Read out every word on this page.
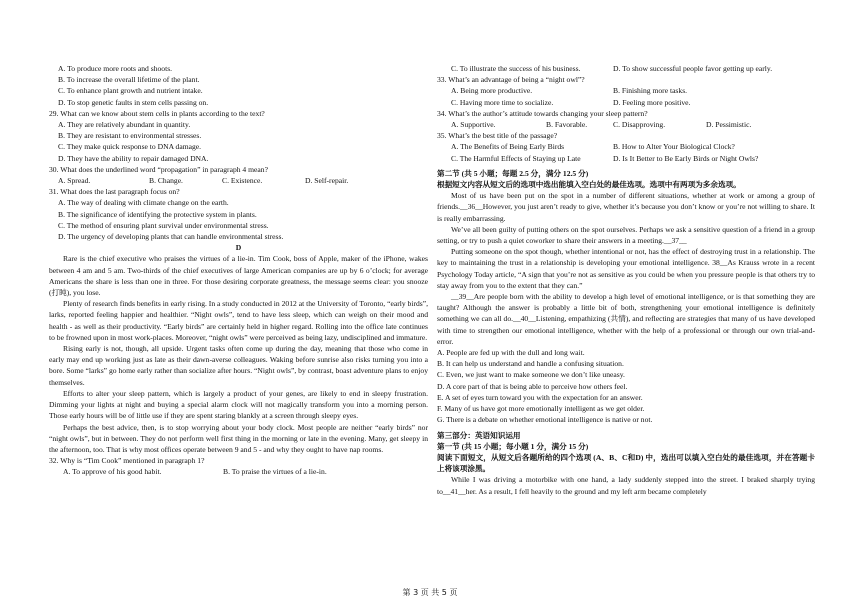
A. To produce more roots and shoots.
B. To increase the overall lifetime of the plant.
C. To enhance plant growth and nutrient intake.
D. To stop genetic faults in stem cells passing on.
29. What can we know about stem cells in plants according to the text?
A. They are relatively abundant in quantity.
B. They are resistant to environmental stresses.
C. They make quick response to DNA damage.
D. They have the ability to repair damaged DNA.
30. What does the underlined word “propagation” in paragraph 4 mean?
A. Spread.	B. Change.	C. Existence.	D. Self-repair.
31. What does the last paragraph focus on?
A. The way of dealing with climate change on the earth.
B. The significance of identifying the protective system in plants.
C. The method of ensuring plant survival under environmental stress.
D. The urgency of developing plants that can handle environmental stress.
D

Rare is the chief executive who praises the virtues of a lie-in. Tim Cook, boss of Apple, maker of the iPhone, wakes between 4 am and 5 am. Two-thirds of the chief executives of large American companies are up by 6 o’clock; for average Americans the share is less than one in three. For those desiring corporate greatness, the message seems clear: you snooze (打盹), you lose.

Plenty of research finds benefits in early rising. In a study conducted in 2012 at the University of Toronto, “early birds”, larks, reported feeling happier and healthier. “Night owls”, tend to have less sleep, which can weigh on their mood and health - as well as their productivity. “Early birds” are certainly held in higher regard. Rolling into the office late continues to be frowned upon in most work-places. Moreover, “night owls” were perceived as being lazy, undisciplined and immature.

Rising early is not, though, all upside. Urgent tasks often come up during the day, meaning that those who come in early may end up working just as late as their dawn-averse colleagues. Waking before sunrise also risks turning you into a bore. Some “larks” go home early rather than socialize after hours. “Night owls”, by contrast, boast adventure plans to enjoy themselves.

Efforts to alter your sleep pattern, which is largely a product of your genes, are likely to end in sleepy frustration. Dimming your lights at night and buying a special alarm clock will not magically transform you into a morning person. Those early hours will be of little use if they are spent staring blankly at a screen through sleepy eyes.

Perhaps the best advice, then, is to stop worrying about your body clock. Most people are neither “early birds” nor “night owls”, but in between. They do not perform well first thing in the morning or late in the evening. Many, get sleepy in the afternoon, too. That is why most offices operate between 9 and 5 - and why they ought to have nap rooms.

32. Why is “Tim Cook” mentioned in paragraph 1?
A. To approve of his good habit.	B. To praise the virtues of a lie-in.
C. To illustrate the success of his business.	D. To show successful people favor getting up early.
33. What’s an advantage of being a “night owl”?
A. Being more productive.	B. Finishing more tasks.
C. Having more time to socialize.	D. Feeling more positive.
34. What’s the author’s attitude towards changing your sleep pattern?
A. Supportive.	B. Favorable.	C. Disapproving.	D. Pessimistic.
35. What’s the best title of the passage?
A. The Benefits of Being Early Birds	B. How to Alter Your Biological Clock?
C. The Harmful Effects of Staying up Late	D. Is It Better to Be Early Birds or Night Owls?
第二节 (共 5 小题；每题 2.5 分，满分 12.5 分)
根据短文内容从短文后的选项中选出能填入空白处的最佳选项。选项中有两项为多余选项。

Most of us have been put on the spot in a number of different situations, whether at work or among a group of friends.__36__However, you just aren’t ready to give, whether it’s because you don’t know or you’re not willing to share. It is really embarrassing.

We’ve all been guilty of putting others on the spot ourselves. Perhaps we ask a sensitive question of a friend in a group setting, or try to push a quiet coworker to share their answers in a meeting.__37__

Putting someone on the spot though, whether intentional or not, has the effect of destroying trust in a relationship. The key to maintaining the trust in a relationship is developing your emotional intelligence. 38__As Krauss wrote in a recent Psychology Today article, “A sign that you’re not as sensitive as you could be when you pressure people is that others try to stay away from you to the extent that they can.”

__39__Are people born with the ability to develop a high level of emotional intelligence, or is that something they are taught? Although the answer is probably a little bit of both, strengthening your emotional intelligence is definitely something we can all do.__40__Listening, empathizing (共情), and reflecting are strategies that many of us have developed with time to strengthen our emotional intelligence, whether with the help of a professional or through our own trial-and-error.

A. People are fed up with the dull and long wait.
B. It can help us understand and handle a confusing situation.
C. Even, we just want to make someone we don’t like uneasy.
D. A core part of that is being able to perceive how others feel.
E. A set of eyes turn toward you with the expectation for an answer.
F. Many of us have got more emotionally intelligent as we get older.
G. There is a debate on whether emotional intelligence is native or not.
第三部分：英语知识运用
第一节 (共 15 小题；每小题 1 分，满分 15 分)

阅读下面短文，从短文后各题所给的四个选项 (A、B、C和D) 中，选出可以填入空白处的最佳选项，并在答题卡上将该项涂黑。

While I was driving a motorbike with one hand, a lady suddenly stepped into the street. I braked sharply trying to__41__her. As a result, I fell heavily to the ground and my left arm became completely

第 3 页 共 5 页
